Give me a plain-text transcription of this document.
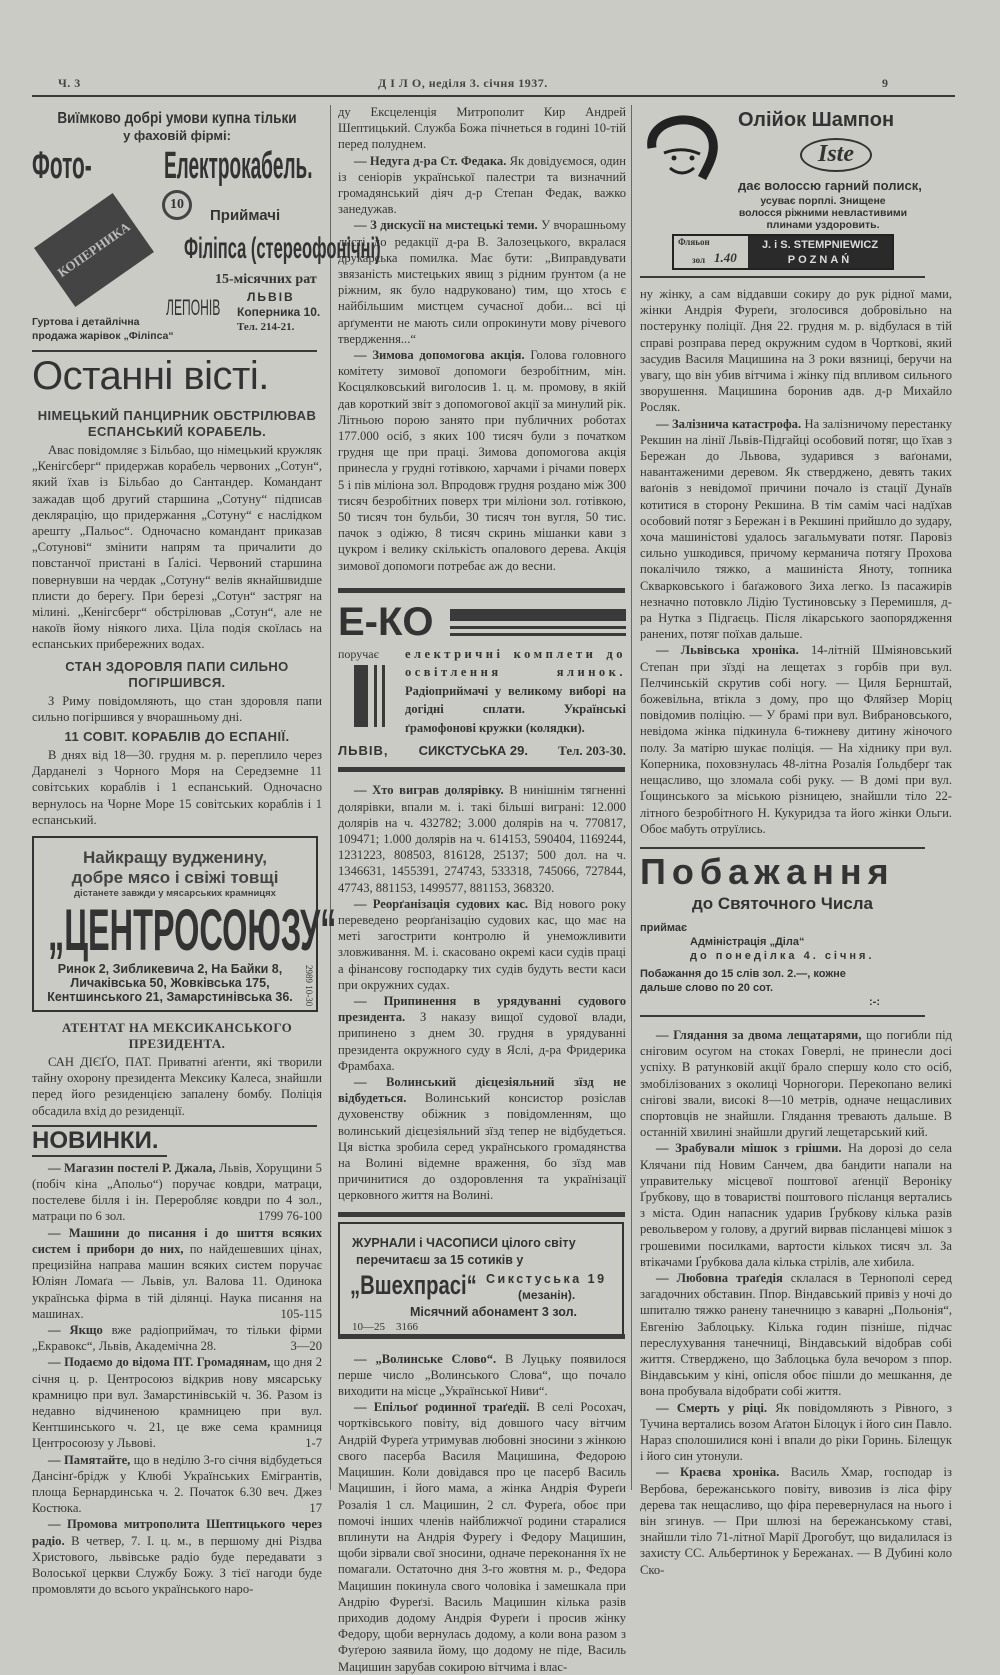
Ч. 3	Д І Л О, неділя 3. січня 1937.	9
Виїмково добрі умови купна тільки
у фаховій фірмі:
Фото-	Електрокабель.
КОПЕРНИКА
10
ЛЕПОНІВ
Приймачі
Філіпса (стереофонічні)
15-місячних рат
ЛЬВІВ
Коперника 10.
Тел. 214-21.
Гуртова і детайлічна
продажа жарівок „Філіпса“
Останні вісті.
НІМЕЦЬКИЙ ПАНЦИРНИК ОБСТРІЛЮВАВ ЕСПАНСЬКИЙ КОРАБЕЛЬ.

Авас повідомляє з Більбао, що німецький кружляк „Кенігсберг“ придержав корабель червоних „Сотун“, який їхав із Більбао до Сантандер. Командант зажадав щоб другий старшина „Сотуну“ підписав декляpацію, що придержання „Сотуну“ є наслідком арешту „Пальос“. Одночасно командант приказав „Сотунові“ змінити напрям та причалити до повстанчої пристані в Ґалісі. Червоний старшина повернувши на чердак „Сотуну“ велів якнайшвидше плисти до берегу. При березі „Сотун“ застряг на мілині. „Кенігсберг“ обстрілював „Сотун“, але не накоїв йому ніякого лиха. Ціла подія скоїлась на еспанських прибережних водах.

СТАН ЗДОРОВЛЯ ПАПИ СИЛЬНО ПОГІРШИВСЯ.

З Риму повідомляють, що стан здоровля папи сильно погіршився у вчорашньому дні.

11 СОВІТ. КОРАБЛІВ ДО ЕСПАНІЇ.

В днях від 18—30. грудня м. р. переплило через Дарданелі з Чорного Моря на Середземне 11 совітських кораблів і 1 еспанський. Одночасно вернулось на Чорне Море 15 совітських кораблів і 1 еспанський.

Найкращу вудженину,
добре мясо і свіжі товщі
дістанете завжди у мясарських крамницях
„ЦЕНТРОСОЮЗУ“
Ринок 2, Зибликевича 2, На Байки 8,
Личаківська 50, Жовківська 175,
Кентшинського 21, Замарстинівська 36.	2989 10-30
АТЕНТАТ НА МЕКСИКАНСЬКОГО ПРЕЗИДЕНТА.

САН ДІЄҐО, ПАТ. Приватні аґенти, які творили тайну охорону президента Мексику Калеса, знайшли перед його резиденцією запалену бомбу. Поліція обсадила вхід до резиденції.

НОВИНКИ.

— Магазин постелі Р. Джала, Львів, Хорущини 5 (побіч кіна „Апольо“) поручає ковдри, матраци, постелеве білля і ін. Переробляє ковдри по 4 зол., матраци по 6 зол.	1799 76-100

— Машини до писання і до шиття всяких систем і прибори до них, по найдешевших цінах, прецизійна направа машин всяких систем поручає Юліян Ломаґа — Львів, ул. Валова 11. Одинока українська фірма в тій ділянці. Наука писання на машинах.	105-115

— Якщо вже радіоприймач, то тільки фірми „Екравокс“, Львів, Академічна 28.	3—20

— Подаємо до відома ПТ. Громадянам, що дня 2 січня ц. р. Центросоюз відкрив нову мясарську крамницю при вул. Замарстинівській ч. 36. Разом із недавно відчиненою крамницею при вул. Кентшинського ч. 21, це вже сема крамниця Центросоюзу у Львові.	1-7

— Памятайте, що в неділю 3-го січня відбудеться Дансінґ-брідж у Клюбі Українських Емігрантів, площа Бернардинська ч. 2. Початок 6.30 веч. Джез Костюка.	17

— Промова митрополита Шептицького через радіо. В четвер, 7. І. ц. м., в першому дні Різдва Христового, львівське радіо буде передавати з Волоської церкви Службу Божу. З тієї нагоди буде промовляти до всього українського наро-

ду Ексцеленція Митрополит Кир Андрей Шептицький. Служба Божа пічнеться в годині 10-тій перед полуднем.

— Недуга д-ра Ст. Федака. Як довідуємося, один із сеніорів української палестри та визначний громадянський діяч д-р Степан Федак, важко занедужав.

— З дискусії на мистецькі теми. У вчорашньому листі до редакції д-ра В. Залозецького, вкралася друкарська помилка. Має бути: „Виправдувати звязаність мистецьких явищ з рідним ґрунтом (а не ріжним, як було надруковано) тим, що хтось є найбільшим мистцем сучасної доби... всі ці арґументи не мають сили опрокинути мову річевого твердження...“

— Зимова допомогова акція. Голова головного комітету зимової допомоги безробітним, мін. Косцялковський виголосив 1. ц. м. промову, в якій дав короткий звіт з допомогової акції за минулий рік. Літньою порою занято при публичних роботах 177.000 осіб, з яких 100 тисяч були з початком грудня ще при праці. Зимова допомогова акція принесла у грудні готівкою, харчами і річами поверх 5 і пів міліона зол. Впродовж грудня роздано між 300 тисяч безробітних поверх три міліони зол. готівкою, 50 тисяч тон бульби, 30 тисяч тон вугля, 50 тис. пачок з одіжю, 8 тисяч скринь мішанки кави з цукром і велику скількість опалового дерева. Акція зимової допомоги потребає аж до весни.

Е-КО
поручає	електричні комплети до освітлення ялинок. Радіоприймачі у великому виборі на догідні сплати. Українські ґрамофонові кружки (колядки).
ЛЬВІВ, СИКСТУСЬКА 29. Тел. 203-30.

— Хто виграв долярівку. В нинішнім тягненні долярівки, впали м. і. такі більші виграні: 12.000 долярів на ч. 432782; 3.000 долярів на ч. 770817, 109471; 1.000 долярів на ч. 614153, 590404, 1169244, 1231223, 808503, 816128, 25137; 500 дол. на ч. 1346631, 1455391, 274743, 533318, 745066, 727844, 47743, 881153, 1499577, 881153, 368320.

— Реорґанізація судових кас. Від нового року переведено реорґанізацію судових кас, що має на меті загострити контролю й унеможливити зловживання. М. і. скасовано окремі каси судів праці а фінансову господарку тих судів будуть вести каси при окружних судах.

— Припинення в урядуванні судового президента. З наказу вищої судової влади, припинено з днем 30. грудня в урядуванні президента окружного суду в Яслі, д-ра Фридерика Фрамбаха.

— Волинський дієцезіяльний зїзд не відбудеться. Волинський консистор розіслав духовенству обіжник з повідомленням, що волинський дієцезіяльний зїзд тепер не відбудеться. Ця вістка зробила серед українського громадянства на Волині відемне враження, бо зїзд мав причинитися до оздоровлення та українізації церковного життя на Волині.

ЖУРНАЛИ і ЧАСОПИСИ цілого світу
перечитаєш за 15 сотиків у
„Вшехпрасі“ Сикстуська 19
(мезанін).
Місячний абонамент 3 зол.
10—25    3166

— „Волинське Слово“. В Луцьку появилося перше число „Волинського Слова“, що почало виходити на місце „Української Ниви“.

— Епільоґ родинної траґедії. В селі Росохач, чортківського повіту, від довшого часу вітчим Андрій Фуреґа утримував любовні зносини з жінкою свого пасерба Василя Мацишина, Федорою Мацишин. Коли довідався про це пасерб Василь Мацишин, і його мама, а жінка Андрія Фуреґи Розалія 1 сл. Мацишин, 2 сл. Фуреґа, обоє при помочі інших членів найближчої родини старалися вплинути на Андрія Фуреґу і Федору Мацишин, щоби зірвали свої зносини, одначе переконання їх не помагали. Остаточно дня 3-го жовтня м. р., Федора Мацишин покинула свого чоловіка і замешкала при Андрію Фуреґзі. Василь Мацишин кілька разів приходив додому Андрія Фуреґи і просив жінку Федору, щоби вернулась додому, а коли вона разом з Фуґерою заявила йому, що додому не піде, Василь Мацишин зарубав сокирою вітчима і влас-

Олійок Шампон
Iste
дає волоссю гарний полиск,
усуває порплі. Знищене волосся ріжними невластивими плинами уздоровить.
Фляьон
зол 1.40
J. i S. STEMPNIEWICZ
POZNAŃ

ну жінку, а сам віддавши сокиру до рук рідної мами, жінки Андрія Фуреґи, зголосився добровільно на постерунку поліції. Дня 22. грудня м. р. відбулася в тій справі розправа перед окружним судом в Чорткові, який засудив Василя Мацишина на 3 роки вязниці, беручи на увагу, що він убив вітчима і жінку під впливом сильного зворушення. Мацишина боронив адв. д-р Михайло Росляк.

— Залізнича катастрофа. На залізничому перестанку Рекшин на лінії Львів-Підгайці особовий потяг, що їхав з Бережан до Львова, зударився з ваґонами, навантаженими деревом. Як стверджено, девять таких ваґонів з невідомої причини почало із стації Дунаїв котитися в сторону Рекшина. В тім самім часі надїхав особовий потяг з Бережан і в Рекшині прийшло до зудару, хоча машиністові удалось загальмувати потяг. Паровіз сильно ушкодився, причому керманича потягу Прохова покалічило тяжко, а машиніста Яноту, топника Скварковського і баґажового Зиха легко. Із пасажирів незначно потовкло Лідію Тустиновську з Перемишля, д-ра Нутка з Підгаєць. Після лікарського заопорядження ранених, потяг поїхав дальше.

— Львівська хроніка. 14-літній Шміяновський Степан при зїзді на лещетах з горбів при вул. Пелчинській скрутив собі ногу. — Циля Бернштай, божевільна, втікла з дому, про що Фляйзер Моріц повідомив поліцію. — У брамі при вул. Вибрановського, невідома жінка підкинула 6-тижневу дитину жіночого полу. За матірю шукає поліція. — На хіднику при вул. Коперника, поховзнулась 48-літна Розалія Ґольдберґ так нещасливо, що зломала собі руку. — В домі при вул. Ґощинського за міською різницею, знайшли тіло 22-літного безробітного Н. Кукуридза та його жінки Ольги. Обоє мабуть отруїлись.

Побажання
до Святочного Числа
приймає
Адміністрація „Діла“
до понеділка 4. січня.
Побажання до 15 слів зол. 2.—, кожне дальше слово по 20 сот.
:-:

— Глядання за двома лещатарями, що погибли під сніговим осугом на стоках Говерлі, не принесли досі успіху. В ратунковій акції брало спершу коло сто осіб, змобілізованих з околиці Чорногори. Перекопано великі снігові звали, високі 8—10 метрів, одначе нещасливих спортовців не знайшли. Глядання тревають дальше. В останній хвилині знайшли другий лещетарський кий.

— Зрабували мішок з грішми. На дорозі до села Клячани під Новим Санчем, два бандити напали на управительку місцевої поштової аґенції Вероніку Ґрубкову, що в товаристві поштового післанця вертались з міста. Один напасник ударив Ґрубкову кілька разів револьвером у голову, а другий вирвав післанцеві мішок з грошевими посилками, вартости кількох тисяч зл. За втікачами Ґрубкова дала кілька стрілів, але хибила.

— Любовна траґедія склалася в Тернополі серед загадочних обставин. Ппор. Віндавський привіз у ночі до шпиталю тяжко ранену танечницю з каварні „Польонія“, Евгенію Заблоцьку. Кілька годин пізніше, підчас переслухування танечниці, Віндавський відобрав собі життя. Стверджено, що Заблоцька була вечором з ппор. Віндавським у кіні, опісля обоє пішли до мешкання, де вона пробувала відобрати собі життя.

— Смерть у ріці. Як повідомляють з Рівного, з Тучина вертались возом Аґатон Білоцук і його син Павло. Нараз сполошилися коні і впали до ріки Горинь. Білещук і його син утонули.

— Краєва хроніка. Василь Хмар, господар із Вербова, бережанського повіту, вивозив із ліса фіру дерева так нещасливо, що фіра перевернулася на нього і він згинув. — При шлюзі на бережанському ставі, знайшли тіло 71-літної Марії Дрогобут, що видалилася із захисту СС. Альбертинок у Бережанах. — В Дубині коло Ско-
